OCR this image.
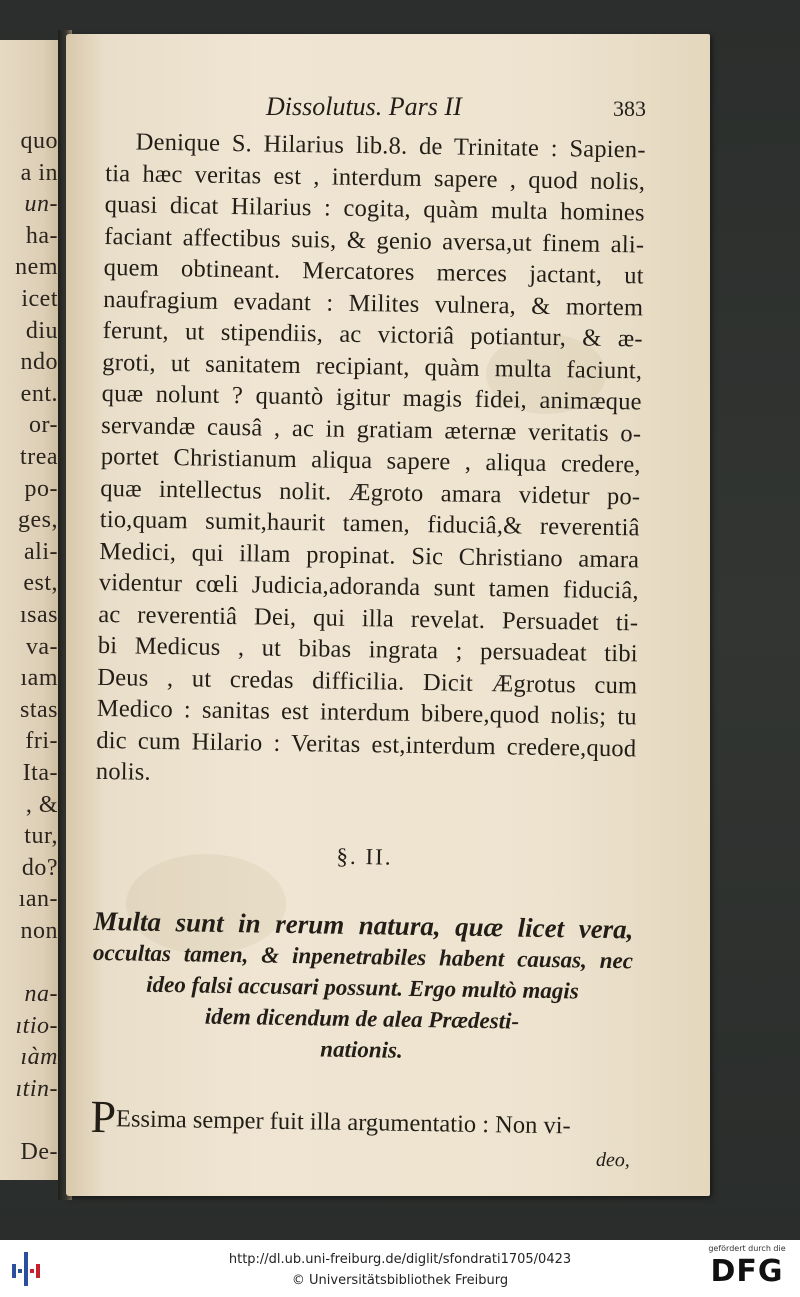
quo
a in
un-
ha-
nem
icet
diu
ndo
ent.
or-
trea
po-
ges,
ali-
est,
ısas
va-
ıam
stas
fri-
Ita-
, &
tur,
do?
ıan-
non
na-
ıtio-
ıàm
ıtin-
De-
Dissolutus. Pars II	383
Denique S. Hilarius lib.8. de Trinitate : Sapien-
tia hæc veritas est , interdum sapere , quod nolis,
quasi dicat Hilarius : cogita, quàm multa homines
faciant affectibus suis, & genio aversa,ut finem ali-
quem obtineant. Mercatores merces jactant, ut
naufragium evadant : Milites vulnera, & mortem
ferunt, ut stipendiis, ac victoriâ potiantur, & æ-
groti, ut sanitatem recipiant, quàm multa faciunt,
quæ nolunt ? quantò igitur magis fidei, animæque
servandæ causâ , ac in gratiam æternæ veritatis o-
portet Christianum aliqua sapere , aliqua credere,
quæ intellectus nolit. Ægroto amara videtur po-
tio,quam sumit,haurit tamen, fiduciâ,& reverentiâ
Medici, qui illam propinat. Sic Christiano amara
videntur cœli Judicia,adoranda sunt tamen fiduciâ,
ac reverentiâ Dei, qui illa revelat. Persuadet ti-
bi Medicus , ut bibas ingrata ; persuadeat tibi
Deus , ut credas difficilia. Dicit Ægrotus cum
Medico : sanitas est interdum bibere,quod nolis; tu
dic cum Hilario : Veritas est,interdum credere,quod
nolis.
§. II.
Multa sunt in rerum natura, quæ licet vera,
occultas tamen, & inpenetrabiles habent causas, nec
ideo falsi accusari possunt. Ergo multò magis
idem dicendum de alea Prædesti-
nationis.
PEssima semper fuit illa argumentatio : Non vi-
deo,
http://dl.ub.uni-freiburg.de/diglit/sfondrati1705/0423
© Universitätsbibliothek Freiburg
gefördert durch die
DFG
